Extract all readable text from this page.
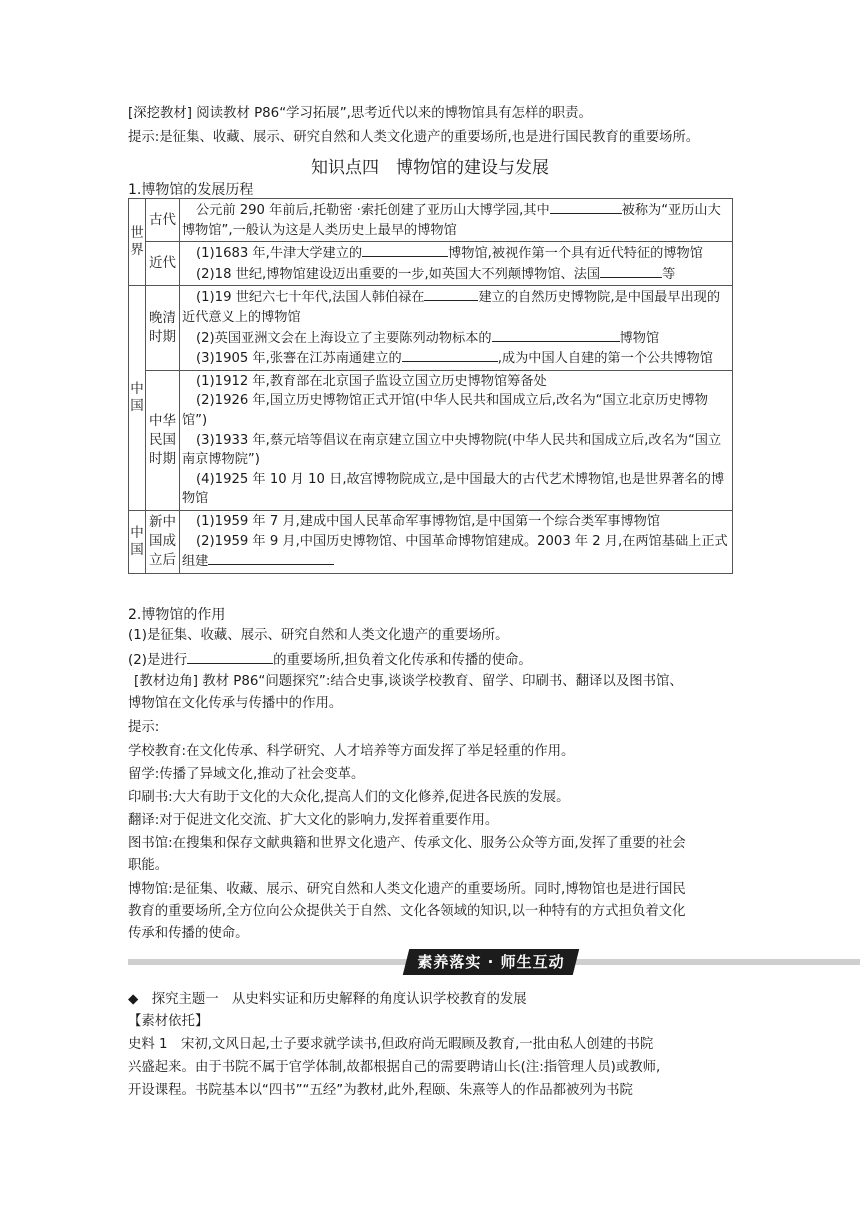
[深挖教材] 阅读教材 P86“学习拓展”,思考近代以来的博物馆具有怎样的职责。
提示:是征集、收藏、展示、研究自然和人类文化遗产的重要场所,也是进行国民教育的重要场所。
知识点四　博物馆的建设与发展
1.博物馆的发展历程
世界	古代	公元前 290 年前后,托勒密 ·索托创建了亚历山大博学园,其中 被称为“亚历山大博物馆”,一般认为这是人类历史上最早的博物馆

	近代	(1)1683 年,牛津大学建立的 博物馆,被视作第一个具有近代特征的博物馆
(2)18 世纪,博物馆建设迈出重要的一步,如英国大不列颠博物馆、法国 等

中国	晚清时期	(1)19 世纪六七十年代,法国人韩伯禄在 建立的自然历史博物院,是中国最早出现的近代意义上的博物馆
(2)英国亚洲文会在上海设立了主要陈列动物标本的 博物馆
(3)1905 年,张謇在江苏南通建立的 ,成为中国人自建的第一个公共博物馆

	中华民国时期	(1)1912 年,教育部在北京国子监设立国立历史博物馆筹备处
(2)1926 年,国立历史博物馆正式开馆(中华人民共和国成立后,改名为“国立北京历史博物馆”)
(3)1933 年,蔡元培等倡议在南京建立国立中央博物院(中华人民共和国成立后,改名为“国立南京博物院”)
(4)1925 年 10 月 10 日,故宫博物院成立,是中国最大的古代艺术博物馆,也是世界著名的博物馆

中国	新中国成立后	(1)1959 年 7 月,建成中国人民革命军事博物馆,是中国第一个综合类军事博物馆
(2)1959 年 9 月,中国历史博物馆、中国革命博物馆建成。2003 年 2 月,在两馆基础上正式组建
2.博物馆的作用
(1)是征集、收藏、展示、研究自然和人类文化遗产的重要场所。
(2)是进行	的重要场所,担负着文化传承和传播的使命。
[教材边角] 教材 P86“问题探究”:结合史事,谈谈学校教育、留学、印刷书、翻译以及图书馆、
博物馆在文化传承与传播中的作用。
提示:
学校教育:在文化传承、科学研究、人才培养等方面发挥了举足轻重的作用。
留学:传播了异域文化,推动了社会变革。
印刷书:大大有助于文化的大众化,提高人们的文化修养,促进各民族的发展。
翻译:对于促进文化交流、扩大文化的影响力,发挥着重要作用。
图书馆:在搜集和保存文献典籍和世界文化遗产、传承文化、服务公众等方面,发挥了重要的社会
职能。
博物馆:是征集、收藏、展示、研究自然和人类文化遗产的重要场所。同时,博物馆也是进行国民
教育的重要场所,全方位向公众提供关于自然、文化各领域的知识,以一种特有的方式担负着文化
传承和传播的使命。
素养落实 · 师生互动
◆　探究主题一　从史料实证和历史解释的角度认识学校教育的发展
【素材依托】
史料 1　宋初,文风日起,士子要求就学读书,但政府尚无暇顾及教育,一批由私人创建的书院
兴盛起来。由于书院不属于官学体制,故都根据自己的需要聘请山长(注:指管理人员)或教师,
开设课程。书院基本以“四书”“五经”为教材,此外,程颐、朱熹等人的作品都被列为书院
